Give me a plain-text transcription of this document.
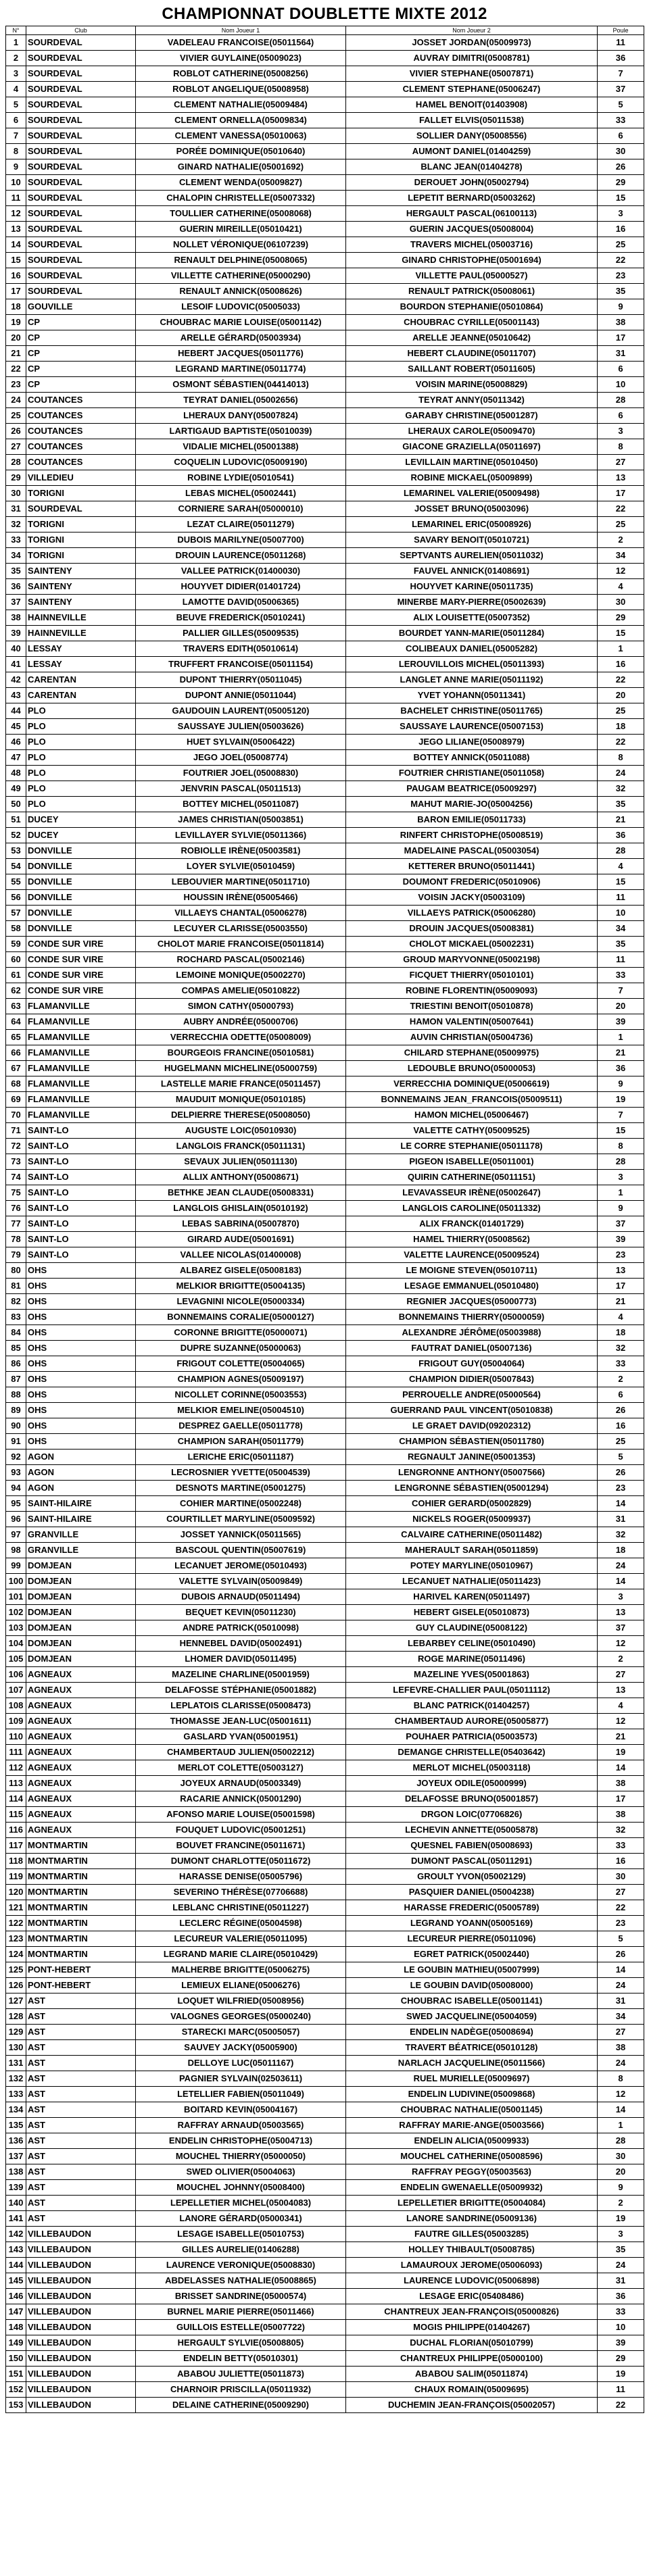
CHAMPIONNAT DOUBLETTE MIXTE 2012
N°	Club	Nom Joueur 1	Nom Joueur 2	Poule
1	SOURDEVAL	VADELEAU FRANCOISE(05011564)	JOSSET JORDAN(05009973)	11
2	SOURDEVAL	VIVIER GUYLAINE(05009023)	AUVRAY DIMITRI(05008781)	36
3	SOURDEVAL	ROBLOT CATHERINE(05008256)	VIVIER STEPHANE(05007871)	7
4	SOURDEVAL	ROBLOT ANGELIQUE(05008958)	CLEMENT STEPHANE(05006247)	37
5	SOURDEVAL	CLEMENT NATHALIE(05009484)	HAMEL BENOIT(01403908)	5
6	SOURDEVAL	CLEMENT ORNELLA(05009834)	FALLET ELVIS(05011538)	33
7	SOURDEVAL	CLEMENT VANESSA(05010063)	SOLLIER DANY(05008556)	6
8	SOURDEVAL	PORÉE DOMINIQUE(05010640)	AUMONT DANIEL(01404259)	30
9	SOURDEVAL	GINARD NATHALIE(05001692)	BLANC JEAN(01404278)	26
10	SOURDEVAL	CLEMENT WENDA(05009827)	DEROUET JOHN(05002794)	29
11	SOURDEVAL	CHALOPIN CHRISTELLE(05007332)	LEPETIT BERNARD(05003262)	15
12	SOURDEVAL	TOULLIER CATHERINE(05008068)	HERGAULT PASCAL(06100113)	3
13	SOURDEVAL	GUERIN MIREILLE(05010421)	GUERIN JACQUES(05008004)	16
14	SOURDEVAL	NOLLET VÉRONIQUE(06107239)	TRAVERS MICHEL(05003716)	25
15	SOURDEVAL	RENAULT DELPHINE(05008065)	GINARD CHRISTOPHE(05001694)	22
16	SOURDEVAL	VILLETTE CATHERINE(05000290)	VILLETTE PAUL(05000527)	23
17	SOURDEVAL	RENAULT ANNICK(05008626)	RENAULT PATRICK(05008061)	35
18	GOUVILLE	LESOIF LUDOVIC(05005033)	BOURDON STEPHANIE(05010864)	9
19	CP	CHOUBRAC MARIE LOUISE(05001142)	CHOUBRAC CYRILLE(05001143)	38
20	CP	ARELLE GÉRARD(05003934)	ARELLE JEANNE(05010642)	17
21	CP	HEBERT JACQUES(05011776)	HEBERT CLAUDINE(05011707)	31
22	CP	LEGRAND MARTINE(05011774)	SAILLANT ROBERT(05011605)	6
23	CP	OSMONT SÉBASTIEN(04414013)	VOISIN MARINE(05008829)	10
24	COUTANCES	TEYRAT DANIEL(05002656)	TEYRAT ANNY(05011342)	28
25	COUTANCES	LHERAUX DANY(05007824)	GARABY CHRISTINE(05001287)	6
26	COUTANCES	LARTIGAUD BAPTISTE(05010039)	LHERAUX CAROLE(05009470)	3
27	COUTANCES	VIDALIE MICHEL(05001388)	GIACONE GRAZIELLA(05011697)	8
28	COUTANCES	COQUELIN LUDOVIC(05009190)	LEVILLAIN MARTINE(05010450)	27
29	VILLEDIEU	ROBINE LYDIE(05010541)	ROBINE MICKAEL(05009899)	13
30	TORIGNI	LEBAS MICHEL(05002441)	LEMARINEL VALERIE(05009498)	17
31	SOURDEVAL	CORNIERE SARAH(05000010)	JOSSET BRUNO(05003096)	22
32	TORIGNI	LEZAT CLAIRE(05011279)	LEMARINEL ERIC(05008926)	25
33	TORIGNI	DUBOIS MARILYNE(05007700)	SAVARY BENOIT(05010721)	2
34	TORIGNI	DROUIN LAURENCE(05011268)	SEPTVANTS AURELIEN(05011032)	34
35	SAINTENY	VALLEE PATRICK(01400030)	FAUVEL ANNICK(01408691)	12
36	SAINTENY	HOUYVET DIDIER(01401724)	HOUYVET KARINE(05011735)	4
37	SAINTENY	LAMOTTE DAVID(05006365)	MINERBE MARY-PIERRE(05002639)	30
38	HAINNEVILLE	BEUVE FREDERICK(05010241)	ALIX LOUISETTE(05007352)	29
39	HAINNEVILLE	PALLIER GILLES(05009535)	BOURDET YANN-MARIE(05011284)	15
40	LESSAY	TRAVERS EDITH(05010614)	COLIBEAUX DANIEL(05005282)	1
41	LESSAY	TRUFFERT FRANCOISE(05011154)	LEROUVILLOIS MICHEL(05011393)	16
42	CARENTAN	DUPONT THIERRY(05011045)	LANGLET ANNE MARIE(05011192)	22
43	CARENTAN	DUPONT ANNIE(05011044)	YVET YOHANN(05011341)	20
44	PLO	GAUDOUIN LAURENT(05005120)	BACHELET CHRISTINE(05011765)	25
45	PLO	SAUSSAYE JULIEN(05003626)	SAUSSAYE LAURENCE(05007153)	18
46	PLO	HUET SYLVAIN(05006422)	JEGO LILIANE(05008979)	22
47	PLO	JEGO JOEL(05008774)	BOTTEY ANNICK(05011088)	8
48	PLO	FOUTRIER JOEL(05008830)	FOUTRIER CHRISTIANE(05011058)	24
49	PLO	JENVRIN PASCAL(05011513)	PAUGAM BEATRICE(05009297)	32
50	PLO	BOTTEY MICHEL(05011087)	MAHUT MARIE-JO(05004256)	35
51	DUCEY	JAMES CHRISTIAN(05003851)	BARON EMILIE(05011733)	21
52	DUCEY	LEVILLAYER SYLVIE(05011366)	RINFERT CHRISTOPHE(05008519)	36
53	DONVILLE	ROBIOLLE IRÈNE(05003581)	MADELAINE PASCAL(05003054)	28
54	DONVILLE	LOYER SYLVIE(05010459)	KETTERER BRUNO(05011441)	4
55	DONVILLE	LEBOUVIER MARTINE(05011710)	DOUMONT FREDERIC(05010906)	15
56	DONVILLE	HOUSSIN IRÈNE(05005466)	VOISIN JACKY(05003109)	11
57	DONVILLE	VILLAEYS CHANTAL(05006278)	VILLAEYS PATRICK(05006280)	10
58	DONVILLE	LECUYER CLARISSE(05003550)	DROUIN JACQUES(05008381)	34
59	CONDE SUR VIRE	CHOLOT MARIE FRANCOISE(05011814)	CHOLOT MICKAEL(05002231)	35
60	CONDE SUR VIRE	ROCHARD PASCAL(05002146)	GROUD MARYVONNE(05002198)	11
61	CONDE SUR VIRE	LEMOINE MONIQUE(05002270)	FICQUET THIERRY(05010101)	33
62	CONDE SUR VIRE	COMPAS AMELIE(05010822)	ROBINE FLORENTIN(05009093)	7
63	FLAMANVILLE	SIMON CATHY(05000793)	TRIESTINI BENOIT(05010878)	20
64	FLAMANVILLE	AUBRY ANDRÉE(05000706)	HAMON VALENTIN(05007641)	39
65	FLAMANVILLE	VERRECCHIA ODETTE(05008009)	AUVIN CHRISTIAN(05004736)	1
66	FLAMANVILLE	BOURGEOIS FRANCINE(05010581)	CHILARD STEPHANE(05009975)	21
67	FLAMANVILLE	HUGELMANN MICHELINE(05000759)	LEDOUBLE BRUNO(05000053)	36
68	FLAMANVILLE	LASTELLE MARIE FRANCE(05011457)	VERRECCHIA DOMINIQUE(05006619)	9
69	FLAMANVILLE	MAUDUIT MONIQUE(05010185)	BONNEMAINS JEAN_FRANCOIS(05009511)	19
70	FLAMANVILLE	DELPIERRE THERESE(05008050)	HAMON MICHEL(05006467)	7
71	SAINT-LO	AUGUSTE LOIC(05010930)	VALETTE CATHY(05009525)	15
72	SAINT-LO	LANGLOIS FRANCK(05011131)	LE CORRE STEPHANIE(05011178)	8
73	SAINT-LO	SEVAUX JULIEN(05011130)	PIGEON ISABELLE(05011001)	28
74	SAINT-LO	ALLIX ANTHONY(05008671)	QUIRIN CATHERINE(05011151)	3
75	SAINT-LO	BETHKE JEAN CLAUDE(05008331)	LEVAVASSEUR IRÈNE(05002647)	1
76	SAINT-LO	LANGLOIS GHISLAIN(05010192)	LANGLOIS CAROLINE(05011332)	9
77	SAINT-LO	LEBAS SABRINA(05007870)	ALIX FRANCK(01401729)	37
78	SAINT-LO	GIRARD AUDE(05001691)	HAMEL THIERRY(05008562)	39
79	SAINT-LO	VALLEE NICOLAS(01400008)	VALETTE LAURENCE(05009524)	23
80	OHS	ALBAREZ GISELE(05008183)	LE MOIGNE STEVEN(05010711)	13
81	OHS	MELKIOR BRIGITTE(05004135)	LESAGE EMMANUEL(05010480)	17
82	OHS	LEVAGNINI NICOLE(05000334)	REGNIER JACQUES(05000773)	21
83	OHS	BONNEMAINS CORALIE(05000127)	BONNEMAINS THIERRY(05000059)	4
84	OHS	CORONNE BRIGITTE(05000071)	ALEXANDRE JÉRÔME(05003988)	18
85	OHS	DUPRE SUZANNE(05000063)	FAUTRAT DANIEL(05007136)	32
86	OHS	FRIGOUT COLETTE(05004065)	FRIGOUT GUY(05004064)	33
87	OHS	CHAMPION AGNES(05009197)	CHAMPION DIDIER(05007843)	2
88	OHS	NICOLLET CORINNE(05003553)	PERROUELLE ANDRE(05000564)	6
89	OHS	MELKIOR EMELINE(05004510)	GUERRAND PAUL VINCENT(05010838)	26
90	OHS	DESPREZ GAELLE(05011778)	LE GRAET DAVID(09202312)	16
91	OHS	CHAMPION SARAH(05011779)	CHAMPION SÉBASTIEN(05011780)	25
92	AGON	LERICHE ERIC(05011187)	REGNAULT JANINE(05001353)	5
93	AGON	LECROSNIER YVETTE(05004539)	LENGRONNE ANTHONY(05007566)	26
94	AGON	DESNOTS MARTINE(05001275)	LENGRONNE SÉBASTIEN(05001294)	23
95	SAINT-HILAIRE	COHIER MARTINE(05002248)	COHIER GERARD(05002829)	14
96	SAINT-HILAIRE	COURTILLET MARYLINE(05009592)	NICKELS ROGER(05009937)	31
97	GRANVILLE	JOSSET YANNICK(05011565)	CALVAIRE CATHERINE(05011482)	32
98	GRANVILLE	BASCOUL QUENTIN(05007619)	MAHERAULT SARAH(05011859)	18
99	DOMJEAN	LECANUET JEROME(05010493)	POTEY MARYLINE(05010967)	24
100	DOMJEAN	VALETTE SYLVAIN(05009849)	LECANUET NATHALIE(05011423)	14
101	DOMJEAN	DUBOIS ARNAUD(05011494)	HARIVEL KAREN(05011497)	3
102	DOMJEAN	BEQUET KEVIN(05011230)	HEBERT GISELE(05010873)	13
103	DOMJEAN	ANDRE PATRICK(05010098)	GUY CLAUDINE(05008122)	37
104	DOMJEAN	HENNEBEL DAVID(05002491)	LEBARBEY CELINE(05010490)	12
105	DOMJEAN	LHOMER DAVID(05011495)	ROGE MARINE(05011496)	2
106	AGNEAUX	MAZELINE CHARLINE(05001959)	MAZELINE YVES(05001863)	27
107	AGNEAUX	DELAFOSSE STÉPHANIE(05001882)	LEFEVRE-CHALLIER PAUL(05011112)	13
108	AGNEAUX	LEPLATOIS CLARISSE(05008473)	BLANC PATRICK(01404257)	4
109	AGNEAUX	THOMASSE JEAN-LUC(05001611)	CHAMBERTAUD AURORE(05005877)	12
110	AGNEAUX	GASLARD YVAN(05001951)	POUHAER PATRICIA(05003573)	21
111	AGNEAUX	CHAMBERTAUD JULIEN(05002212)	DEMANGE CHRISTELLE(05403642)	19
112	AGNEAUX	MERLOT COLETTE(05003127)	MERLOT MICHEL(05003118)	14
113	AGNEAUX	JOYEUX ARNAUD(05003349)	JOYEUX ODILE(05000999)	38
114	AGNEAUX	RACARIE ANNICK(05001290)	DELAFOSSE BRUNO(05001857)	17
115	AGNEAUX	AFONSO MARIE LOUISE(05001598)	DRGON LOIC(07706826)	38
116	AGNEAUX	FOUQUET LUDOVIC(05001251)	LECHEVIN ANNETTE(05005878)	32
117	MONTMARTIN	BOUVET FRANCINE(05011671)	QUESNEL FABIEN(05008693)	33
118	MONTMARTIN	DUMONT CHARLOTTE(05011672)	DUMONT PASCAL(05011291)	16
119	MONTMARTIN	HARASSE DENISE(05005796)	GROULT YVON(05002129)	30
120	MONTMARTIN	SEVERINO THÉRÈSE(07706688)	PASQUIER DANIEL(05004238)	27
121	MONTMARTIN	LEBLANC CHRISTINE(05011227)	HARASSE FREDERIC(05005789)	22
122	MONTMARTIN	LECLERC RÉGINE(05004598)	LEGRAND YOANN(05005169)	23
123	MONTMARTIN	LECUREUR VALERIE(05011095)	LECUREUR PIERRE(05011096)	5
124	MONTMARTIN	LEGRAND MARIE CLAIRE(05010429)	EGRET PATRICK(05002440)	26
125	PONT-HEBERT	MALHERBE BRIGITTE(05006275)	LE GOUBIN MATHIEU(05007999)	14
126	PONT-HEBERT	LEMIEUX ELIANE(05006276)	LE GOUBIN DAVID(05008000)	24
127	AST	LOQUET WILFRIED(05008956)	CHOUBRAC ISABELLE(05001141)	31
128	AST	VALOGNES GEORGES(05000240)	SWED JACQUELINE(05004059)	34
129	AST	STARECKI MARC(05005057)	ENDELIN NADÈGE(05008694)	27
130	AST	SAUVEY JACKY(05005900)	TRAVERT BÉATRICE(05010128)	38
131	AST	DELLOYE LUC(05011167)	NARLACH JACQUELINE(05011566)	24
132	AST	PAGNIER SYLVAIN(02503611)	RUEL MURIELLE(05009697)	8
133	AST	LETELLIER FABIEN(05011049)	ENDELIN LUDIVINE(05009868)	12
134	AST	BOITARD KEVIN(05004167)	CHOUBRAC NATHALIE(05001145)	14
135	AST	RAFFRAY ARNAUD(05003565)	RAFFRAY MARIE-ANGE(05003566)	1
136	AST	ENDELIN CHRISTOPHE(05004713)	ENDELIN ALICIA(05009933)	28
137	AST	MOUCHEL THIERRY(05000050)	MOUCHEL CATHERINE(05008596)	30
138	AST	SWED OLIVIER(05004063)	RAFFRAY PEGGY(05003563)	20
139	AST	MOUCHEL JOHNNY(05008400)	ENDELIN GWENAELLE(05009932)	9
140	AST	LEPELLETIER MICHEL(05004083)	LEPELLETIER BRIGITTE(05004084)	2
141	AST	LANORE GÉRARD(05000341)	LANORE SANDRINE(05009136)	19
142	VILLEBAUDON	LESAGE ISABELLE(05010753)	FAUTRE GILLES(05003285)	3
143	VILLEBAUDON	GILLES AURELIE(01406288)	HOLLEY THIBAULT(05008785)	35
144	VILLEBAUDON	LAURENCE VERONIQUE(05008830)	LAMAUROUX JEROME(05006093)	24
145	VILLEBAUDON	ABDELASSES NATHALIE(05008865)	LAURENCE LUDOVIC(05006898)	31
146	VILLEBAUDON	BRISSET SANDRINE(05000574)	LESAGE ERIC(05408486)	36
147	VILLEBAUDON	BURNEL MARIE PIERRE(05011466)	CHANTREUX JEAN-FRANÇOIS(05000826)	33
148	VILLEBAUDON	GUILLOIS ESTELLE(05007722)	MOGIS PHILIPPE(01404267)	10
149	VILLEBAUDON	HERGAULT SYLVIE(05008805)	DUCHAL FLORIAN(05010799)	39
150	VILLEBAUDON	ENDELIN BETTY(05010301)	CHANTREUX PHILIPPE(05000100)	29
151	VILLEBAUDON	ABABOU JULIETTE(05011873)	ABABOU SALIM(05011874)	19
152	VILLEBAUDON	CHARNOIR PRISCILLA(05011932)	CHAUX ROMAIN(05009695)	11
153	VILLEBAUDON	DELAINE CATHERINE(05009290)	DUCHEMIN JEAN-FRANÇOIS(05002057)	22
